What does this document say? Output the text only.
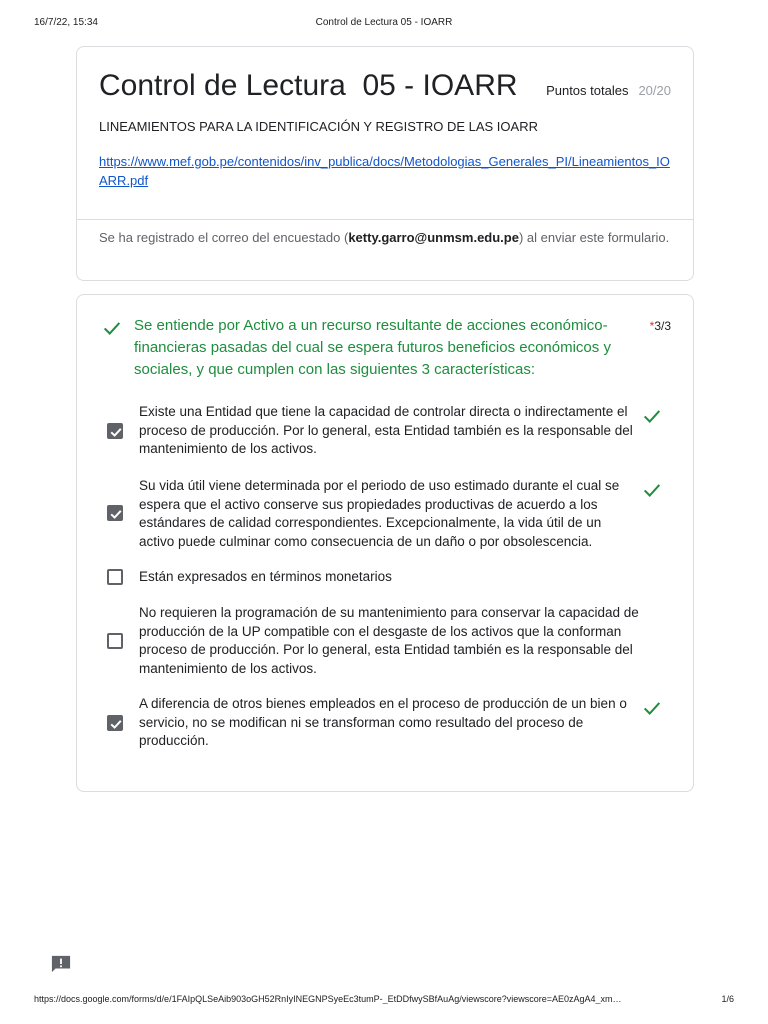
16/7/22, 15:34	Control de Lectura 05 - IOARR
Control de Lectura  05 - IOARR Puntos totales 20/20
LINEAMIENTOS PARA LA IDENTIFICACIÓN Y REGISTRO DE LAS IOARR
https://www.mef.gob.pe/contenidos/inv_publica/docs/Metodologias_Generales_PI/Lineamientos_IOARR.pdf
Se ha registrado el correo del encuestado (ketty.garro@unmsm.edu.pe) al enviar este formulario.
Se entiende por Activo a un recurso resultante de acciones económico-financieras pasadas del cual se espera futuros beneficios económicos y sociales, y que cumplen con las siguientes 3 características:
*3/3
Existe una Entidad que tiene la capacidad de controlar directa o indirectamente el proceso de producción. Por lo general, esta Entidad también es la responsable del mantenimiento de los activos.
Su vida útil viene determinada por el periodo de uso estimado durante el cual se espera que el activo conserve sus propiedades productivas de acuerdo a los estándares de calidad correspondientes. Excepcionalmente, la vida útil de un activo puede culminar como consecuencia de un daño o por obsolescencia.
Están expresados en términos monetarios
No requieren la programación de su mantenimiento para conservar la capacidad de producción de la UP compatible con el desgaste de los activos que la conforman proceso de producción. Por lo general, esta Entidad también es la responsable del mantenimiento de los activos.
A diferencia de otros bienes empleados en el proceso de producción de un bien o servicio, no se modifican ni se transforman como resultado del proceso de producción.
https://docs.google.com/forms/d/e/1FAIpQLSeAib903oGH52RnIyINEGNPSyeEc3tumP-_EtDDfwySBfAuAg/viewscore?viewscore=AE0zAgA4_xm…	1/6
